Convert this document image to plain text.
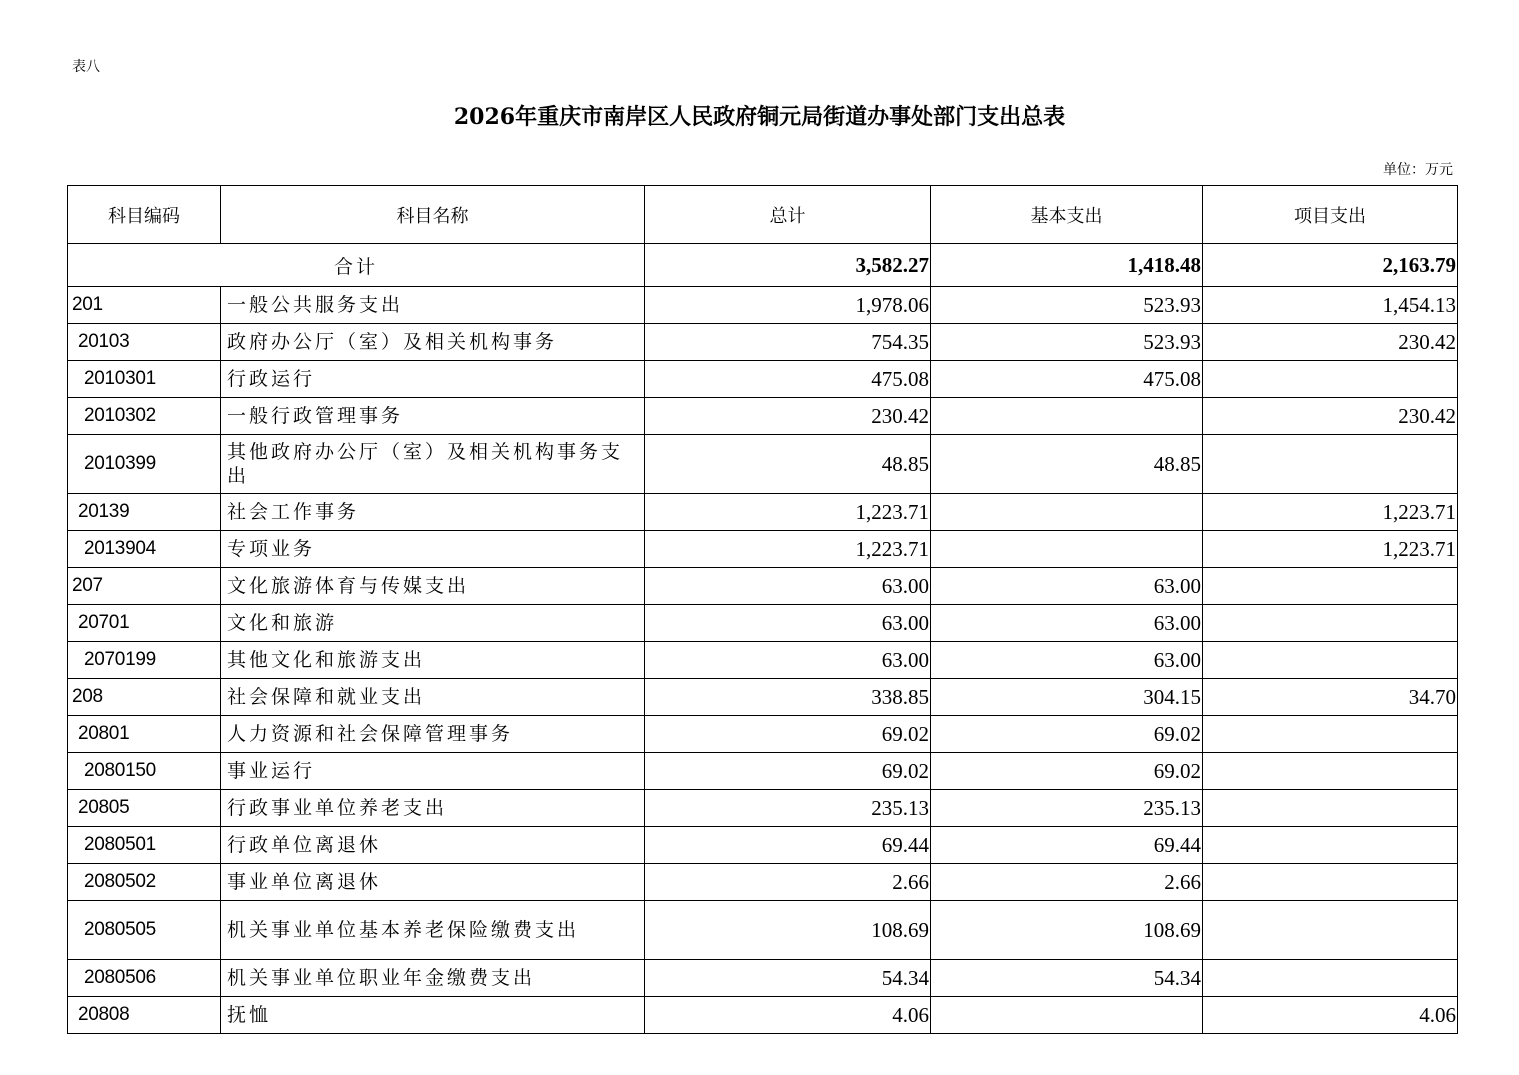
表八
2026年重庆市南岸区人民政府铜元局街道办事处部门支出总表
单位：万元
科目编码	科目名称	总计	基本支出	项目支出
合计		3,582.27	1,418.48	2,163.79
201	一般公共服务支出	1,978.06	523.93	1,454.13
20103	政府办公厅（室）及相关机构事务	754.35	523.93	230.42
2010301	行政运行	475.08	475.08	
2010302	一般行政管理事务	230.42		230.42
2010399	其他政府办公厅（室）及相关机构事务支出	48.85	48.85	
20139	社会工作事务	1,223.71		1,223.71
2013904	专项业务	1,223.71		1,223.71
207	文化旅游体育与传媒支出	63.00	63.00	
20701	文化和旅游	63.00	63.00	
2070199	其他文化和旅游支出	63.00	63.00	
208	社会保障和就业支出	338.85	304.15	34.70
20801	人力资源和社会保障管理事务	69.02	69.02	
2080150	事业运行	69.02	69.02	
20805	行政事业单位养老支出	235.13	235.13	
2080501	行政单位离退休	69.44	69.44	
2080502	事业单位离退休	2.66	2.66	
2080505	机关事业单位基本养老保险缴费支出	108.69	108.69	
2080506	机关事业单位职业年金缴费支出	54.34	54.34	
20808	抚恤	4.06		4.06
